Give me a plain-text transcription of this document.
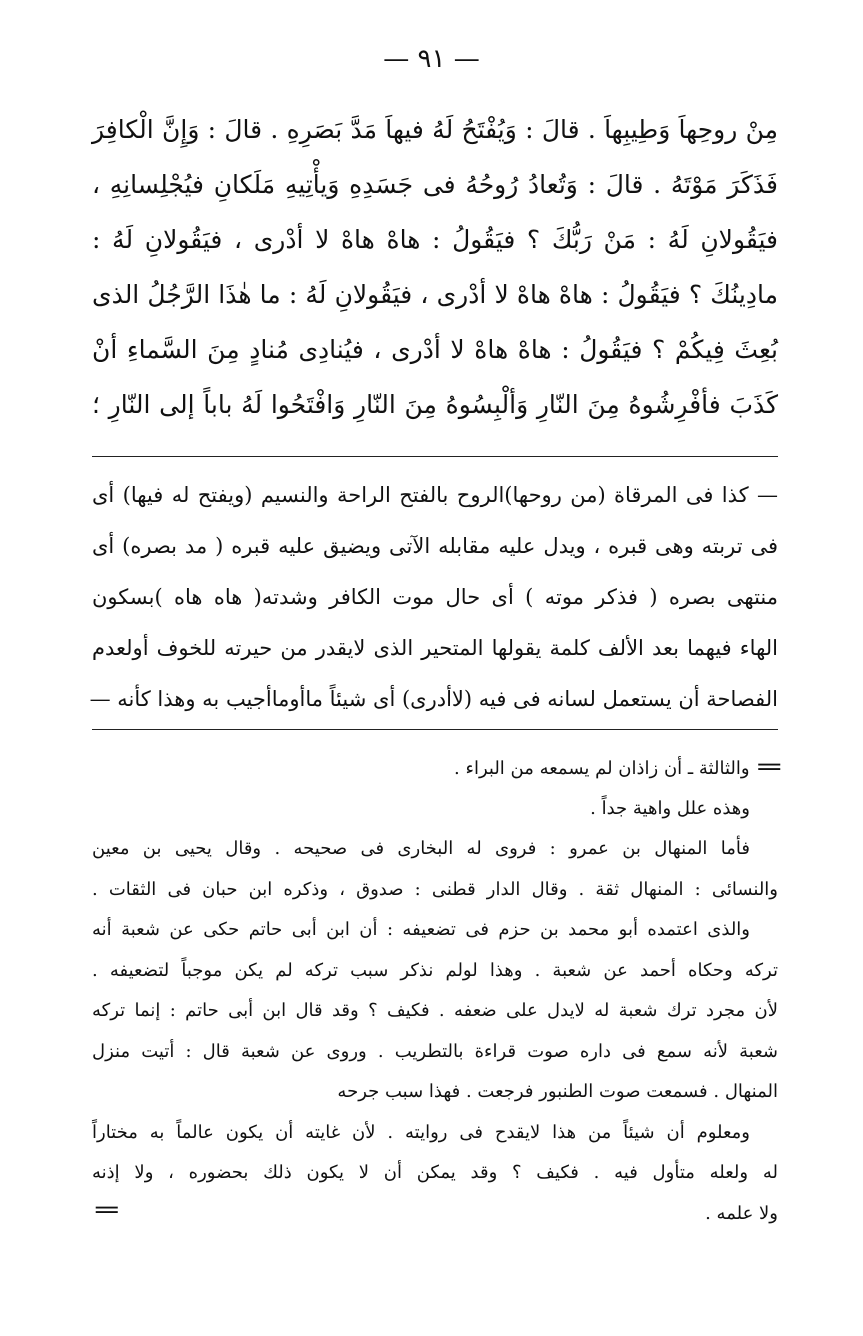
— ٩١ —
مِنْ روحِهاَ وَطِيبِهاَ . قالَ : وَيُفْتَحُ لَهُ فيهاَ مَدَّ بَصَرِهِ . قالَ : وَإِنَّ الْكافِرَ
فَذَكَرَ مَوْتَهُ . قالَ : وَتُعادُ رُوحُهُ فى جَسَدِهِ وَيأْتِيهِ مَلَكانِ فيُجْلِسانِهِ ،
فيَقُولانِ لَهُ : مَنْ رَبُّكَ ؟ فيَقُولُ : هاهْ هاهْ لا أدْرى ، فيَقُولانِ لَهُ :
مادِينُكَ ؟ فيَقُولُ : هاهْ هاهْ لا أدْرى ، فيَقُولانِ لَهُ : ما هٰذَا الرَّجُلُ الذى
بُعِثَ فِيكُمْ ؟ فيَقُولُ : هاهْ هاهْ لا أدْرى ، فيُنادِى مُنادٍ مِنَ السَّماءِ أنْ
كَذَبَ فأفْرِشُوهُ مِنَ النّارِ وَألْبِسُوهُ مِنَ النّارِ وَافْتَحُوا لَهُ باباً إلى النّارِ ؛
— كذا فى المرقاة (من روحها)الروح بالفتح الراحة والنسيم (ويفتح له فيها) أى
فى تربته وهى قبره ، ويدل عليه مقابله الآتى ويضيق عليه قبره ( مد بصره) أى
منتهى بصره ( فذكر موته ) أى حال موت الكافر وشدته( هاه هاه )بسكون
الهاء فيهما بعد الألف كلمة يقولها المتحير الذى لايقدر من حيرته للخوف أولعدم
الفصاحة أن يستعمل لسانه فى فيه (لاأدرى) أى شيئاً ماأوماأجيب به وهذا كأنه —
=والثالثة ـ أن زاذان لم يسمعه من البراء .
وهذه علل واهية جداً .
فأما المنهال بن عمرو : فروى له البخارى فى صحيحه . وقال يحيى بن معين
والنسائى : المنهال ثقة . وقال الدار قطنى : صدوق ، وذكره ابن حبان فى الثقات .
والذى اعتمده أبو محمد بن حزم فى تضعيفه : أن ابن أبى حاتم حكى عن شعبة أنه
تركه وحكاه أحمد عن شعبة . وهذا لولم نذكر سبب تركه لم يكن موجباً لتضعيفه .
لأن مجرد ترك شعبة له لايدل على ضعفه . فكيف ؟ وقد قال ابن أبى حاتم : إنما تركه
شعبة لأنه سمع فى داره صوت قراءة بالتطريب . وروى عن شعبة قال : أتيت منزل
المنهال . فسمعت صوت الطنبور فرجعت . فهذا سبب جرحه
ومعلوم أن شيئاً من هذا لايقدح فى روايته . لأن غايته أن يكون عالماً به مختاراً
له ولعله متأول فيه . فكيف ؟ وقد يمكن أن لا يكون ذلك بحضوره ، ولا إذنه
ولا علمه .
=
